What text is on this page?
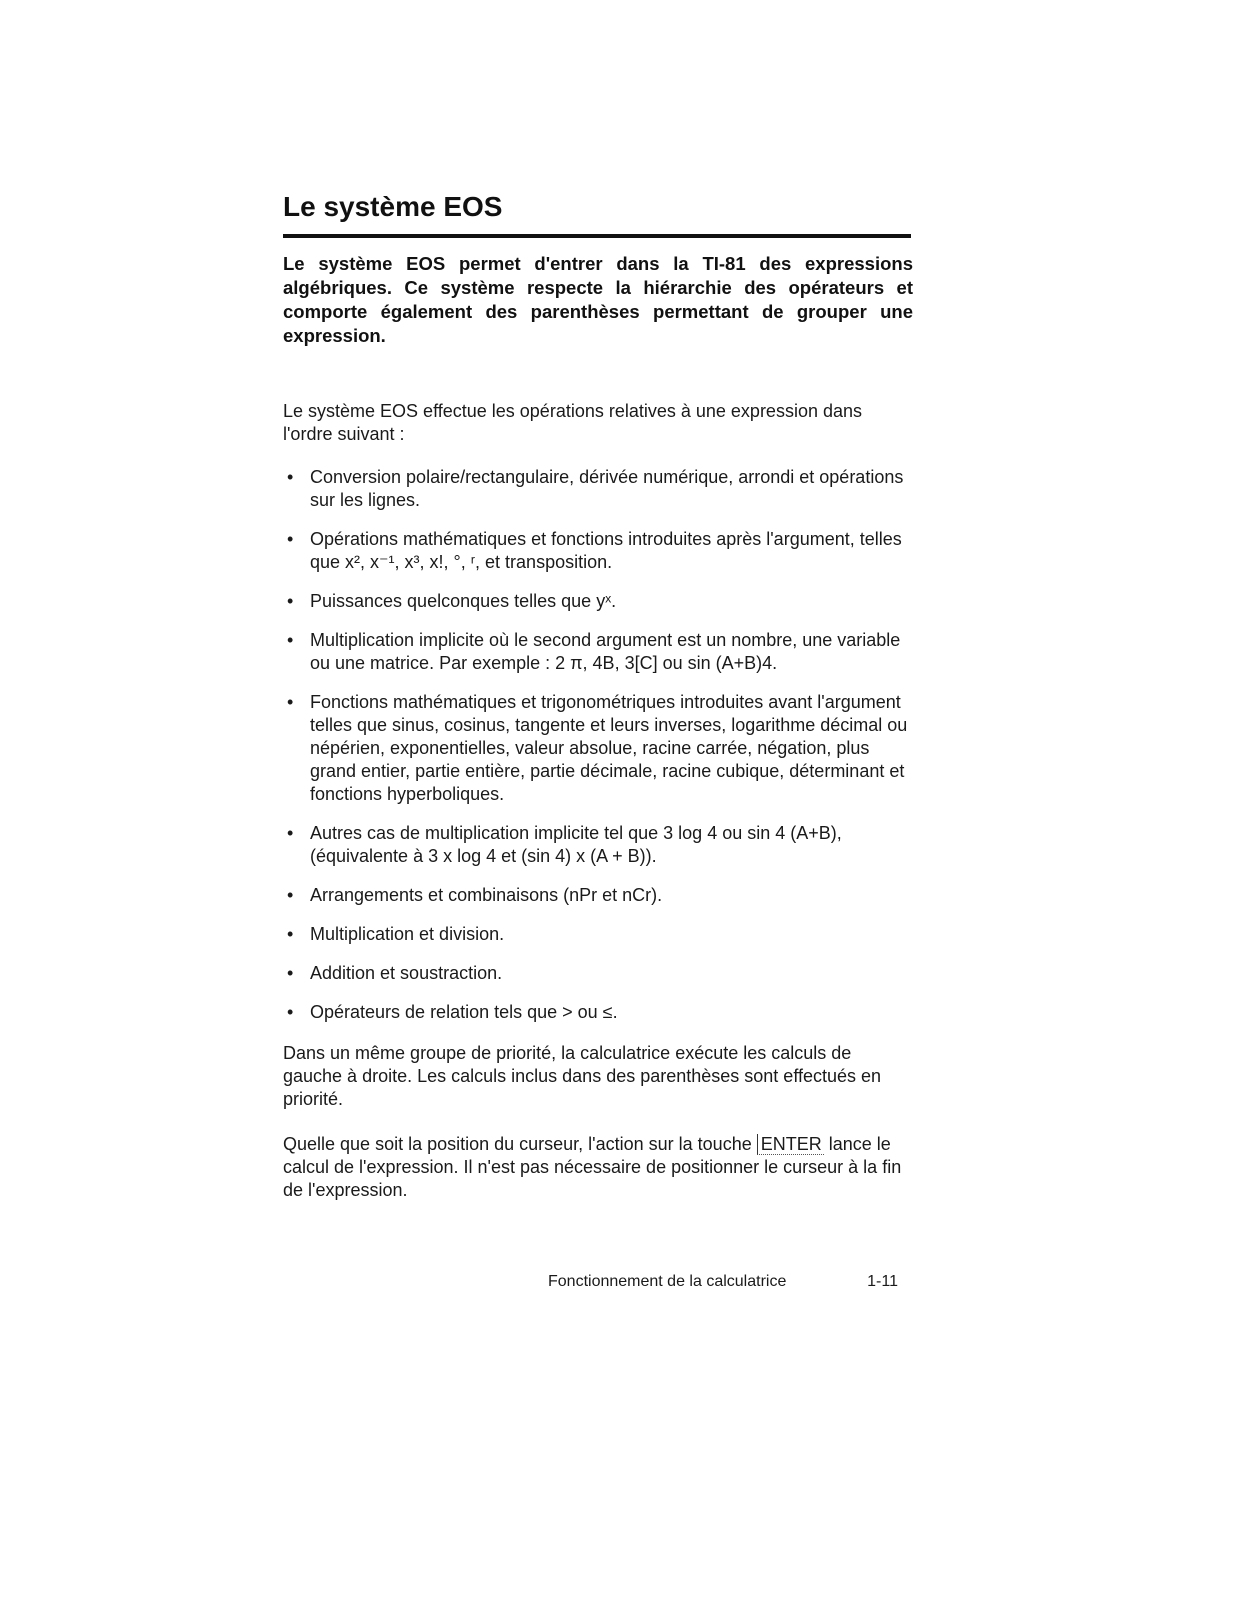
Le système EOS
Le système EOS permet d'entrer dans la TI-81 des expressions algébriques. Ce système respecte la hiérarchie des opérateurs et comporte également des parenthèses permettant de grouper une expression.
Le système EOS effectue les opérations relatives à une expression dans l'ordre suivant :
• Conversion polaire/rectangulaire, dérivée numérique, arrondi et opérations sur les lignes.
• Opérations mathématiques et fonctions introduites après l'argument, telles que x², x⁻¹, x³, x!, °, ʳ, et transposition.
• Puissances quelconques telles que yˣ.
• Multiplication implicite où le second argument est un nombre, une variable ou une matrice. Par exemple : 2 π, 4B, 3[C] ou sin (A+B)4.
• Fonctions mathématiques et trigonométriques introduites avant l'argument telles que sinus, cosinus, tangente et leurs inverses, logarithme décimal ou népérien, exponentielles, valeur absolue, racine carrée, négation, plus grand entier, partie entière, partie décimale, racine cubique, déterminant et fonctions hyperboliques.
• Autres cas de multiplication implicite tel que 3 log 4 ou sin 4 (A+B), (équivalente à 3 x log 4 et (sin 4) x (A + B)).
• Arrangements et combinaisons (nPr et nCr).
• Multiplication et division.
• Addition et soustraction.
• Opérateurs de relation tels que > ou ≤.
Dans un même groupe de priorité, la calculatrice exécute les calculs de gauche à droite. Les calculs inclus dans des parenthèses sont effectués en priorité.
Quelle que soit la position du curseur, l'action sur la touche ENTER lance le calcul de l'expression. Il n'est pas nécessaire de positionner le curseur à la fin de l'expression.
Fonctionnement de la calculatrice	1-11
